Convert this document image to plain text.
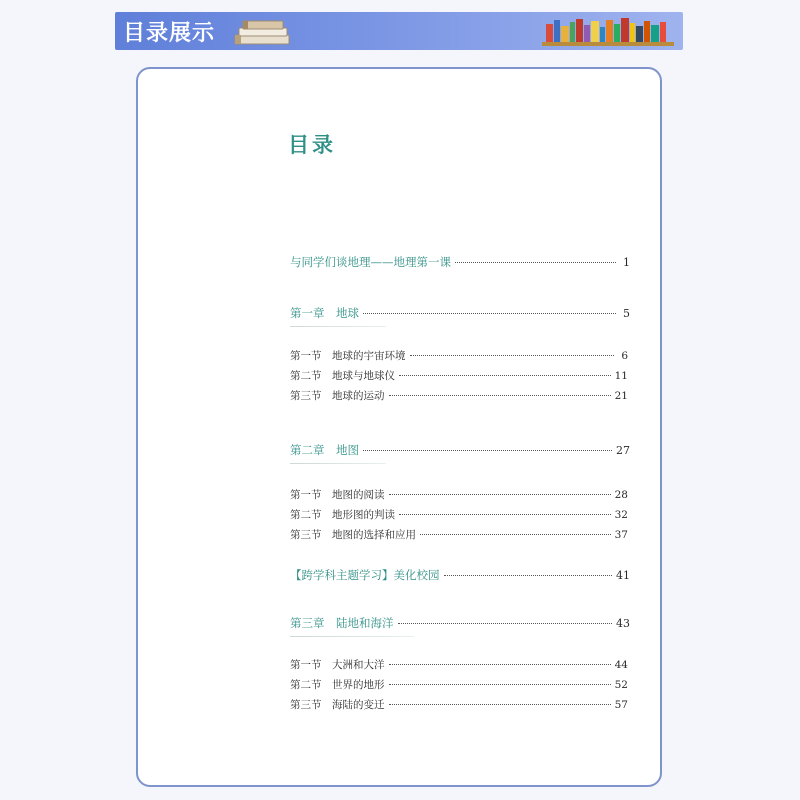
目录展示
目录
与同学们谈地理——地理第一课	1
第一章　地球	5
第一节　地球的宇宙环境	6
第二节　地球与地球仪	11
第三节　地球的运动	21
第二章　地图	27
第一节　地图的阅读	28
第二节　地形图的判读	32
第三节　地图的选择和应用	37
【跨学科主题学习】美化校园	41
第三章　陆地和海洋	43
第一节　大洲和大洋	44
第二节　世界的地形	52
第三节　海陆的变迁	57
